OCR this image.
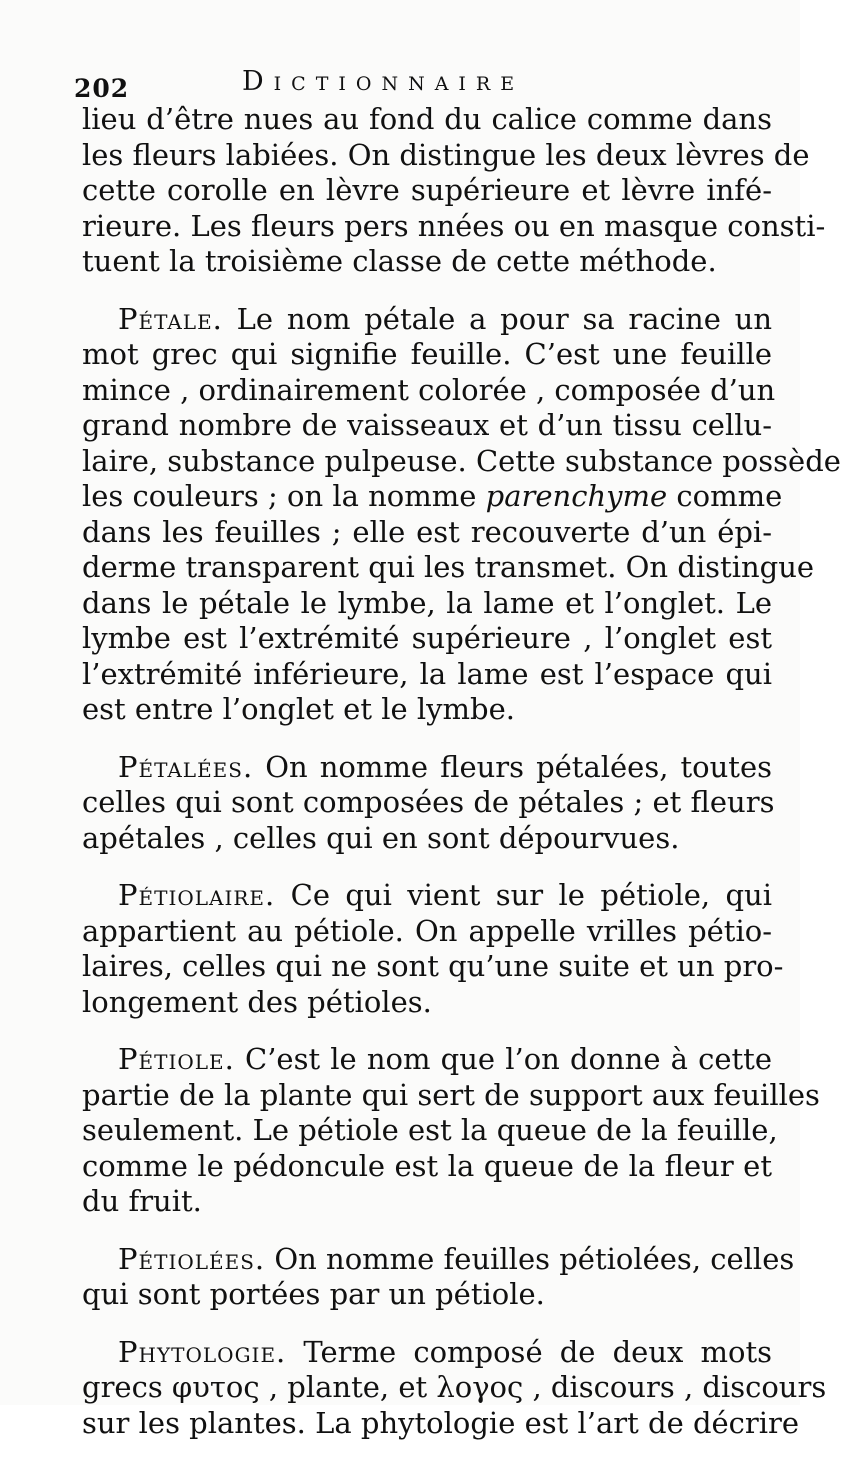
202	Dictionnaire
lieu d’être nues au fond du calice comme dans
les fleurs labiées. On distingue les deux lèvres de
cette corolle en lèvre supérieure et lèvre infé-
rieure. Les fleurs pers nnées ou en masque consti-
tuent la troisième classe de cette méthode.
Pétale. Le nom pétale a pour sa racine un
mot grec qui signifie feuille. C’est une feuille
mince , ordinairement colorée , composée d’un
grand nombre de vaisseaux et d’un tissu cellu-
laire, substance pulpeuse. Cette substance possède
les couleurs ; on la nomme parenchyme comme
dans les feuilles ; elle est recouverte d’un épi-
derme transparent qui les transmet. On distingue
dans le pétale le lymbe, la lame et l’onglet. Le
lymbe est l’extrémité supérieure , l’onglet est
l’extrémité inférieure, la lame est l’espace qui
est entre l’onglet et le lymbe.
Pétalées. On nomme fleurs pétalées, toutes
celles qui sont composées de pétales ; et fleurs
apétales , celles qui en sont dépourvues.
Pétiolaire. Ce qui vient sur le pétiole, qui
appartient au pétiole. On appelle vrilles pétio-
laires, celles qui ne sont qu’une suite et un pro-
longement des pétioles.
Pétiole. C’est le nom que l’on donne à cette
partie de la plante qui sert de support aux feuilles
seulement. Le pétiole est la queue de la feuille,
comme le pédoncule est la queue de la fleur et
du fruit.
Pétiolées. On nomme feuilles pétiolées, celles
qui sont portées par un pétiole.
Phytologie. Terme composé de deux mots
grecs φυτος , plante, et λογος , discours , discours
sur les plantes. La phytologie est l’art de décrire
